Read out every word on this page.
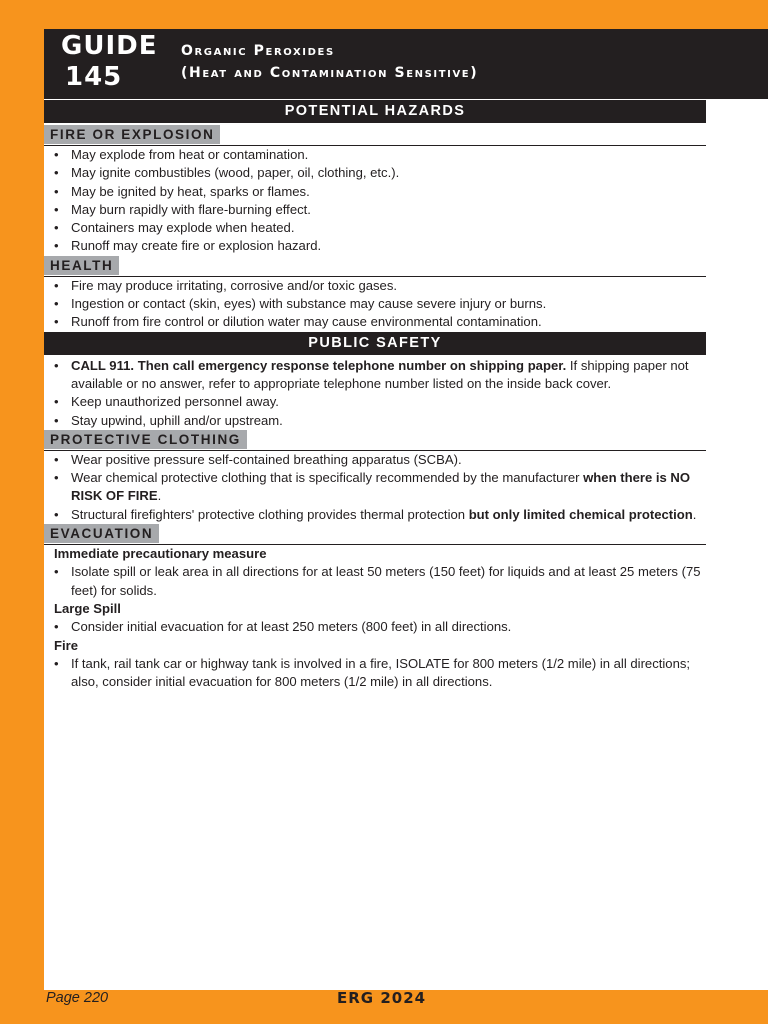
GUIDE
145
Organic Peroxides
(Heat and Contamination Sensitive)
POTENTIAL HAZARDS
FIRE OR EXPLOSION
• May explode from heat or contamination.
• May ignite combustibles (wood, paper, oil, clothing, etc.).
• May be ignited by heat, sparks or flames.
• May burn rapidly with flare-burning effect.
• Containers may explode when heated.
• Runoff may create fire or explosion hazard.
HEALTH
• Fire may produce irritating, corrosive and/or toxic gases.
• Ingestion or contact (skin, eyes) with substance may cause severe injury or burns.
• Runoff from fire control or dilution water may cause environmental contamination.
PUBLIC SAFETY
• CALL 911. Then call emergency response telephone number on shipping paper. If shipping paper not available or no answer, refer to appropriate telephone number listed on the inside back cover.
• Keep unauthorized personnel away.
• Stay upwind, uphill and/or upstream.
PROTECTIVE CLOTHING
• Wear positive pressure self-contained breathing apparatus (SCBA).
• Wear chemical protective clothing that is specifically recommended by the manufacturer when there is NO RISK OF FIRE.
• Structural firefighters' protective clothing provides thermal protection but only limited chemical protection.
EVACUATION
Immediate precautionary measure
• Isolate spill or leak area in all directions for at least 50 meters (150 feet) for liquids and at least 25 meters (75 feet) for solids.
Large Spill
• Consider initial evacuation for at least 250 meters (800 feet) in all directions.
Fire
• If tank, rail tank car or highway tank is involved in a fire, ISOLATE for 800 meters (1/2 mile) in all directions; also, consider initial evacuation for 800 meters (1/2 mile) in all directions.
Page 220	ERG 2024
